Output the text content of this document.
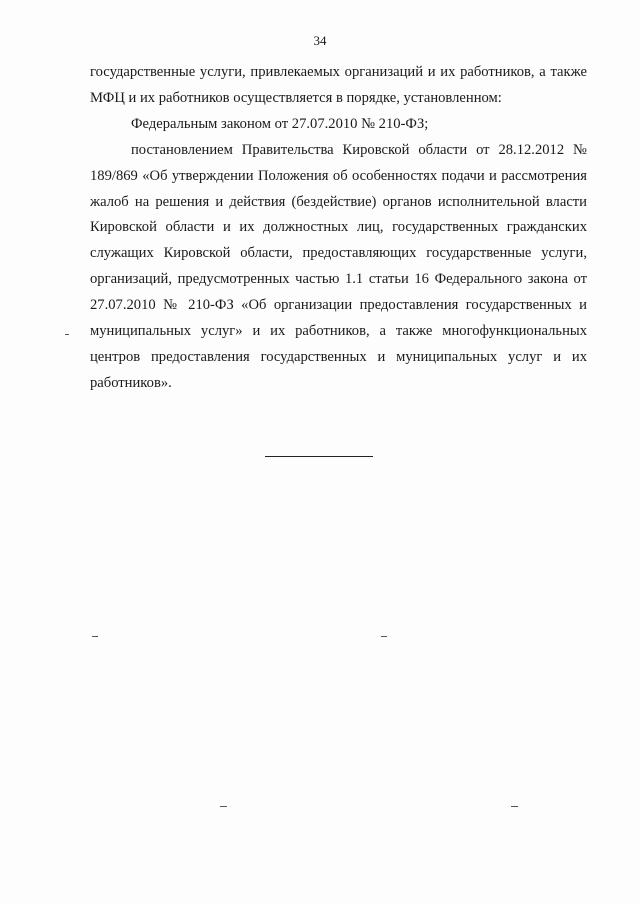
34

государственные услуги, привлекаемых организаций и их работников, а также МФЦ и их работников осуществляется в порядке, установленном:

Федеральным законом от 27.07.2010 № 210-ФЗ;

постановлением Правительства Кировской области от 28.12.2012 № 189/869 «Об утверждении Положения об особенностях подачи и рассмотрения жалоб на решения и действия (бездействие) органов исполнительной власти Кировской области и их должностных лиц, государственных гражданских служащих Кировской области, предоставляющих государственные услуги, организаций, предусмотренных частью 1.1 статьи 16 Федерального закона от 27.07.2010 № 210-ФЗ «Об организации предоставления государственных и муниципальных услуг» и их работников, а также многофункциональных центров предоставления государственных и муниципальных услуг и их работников».
